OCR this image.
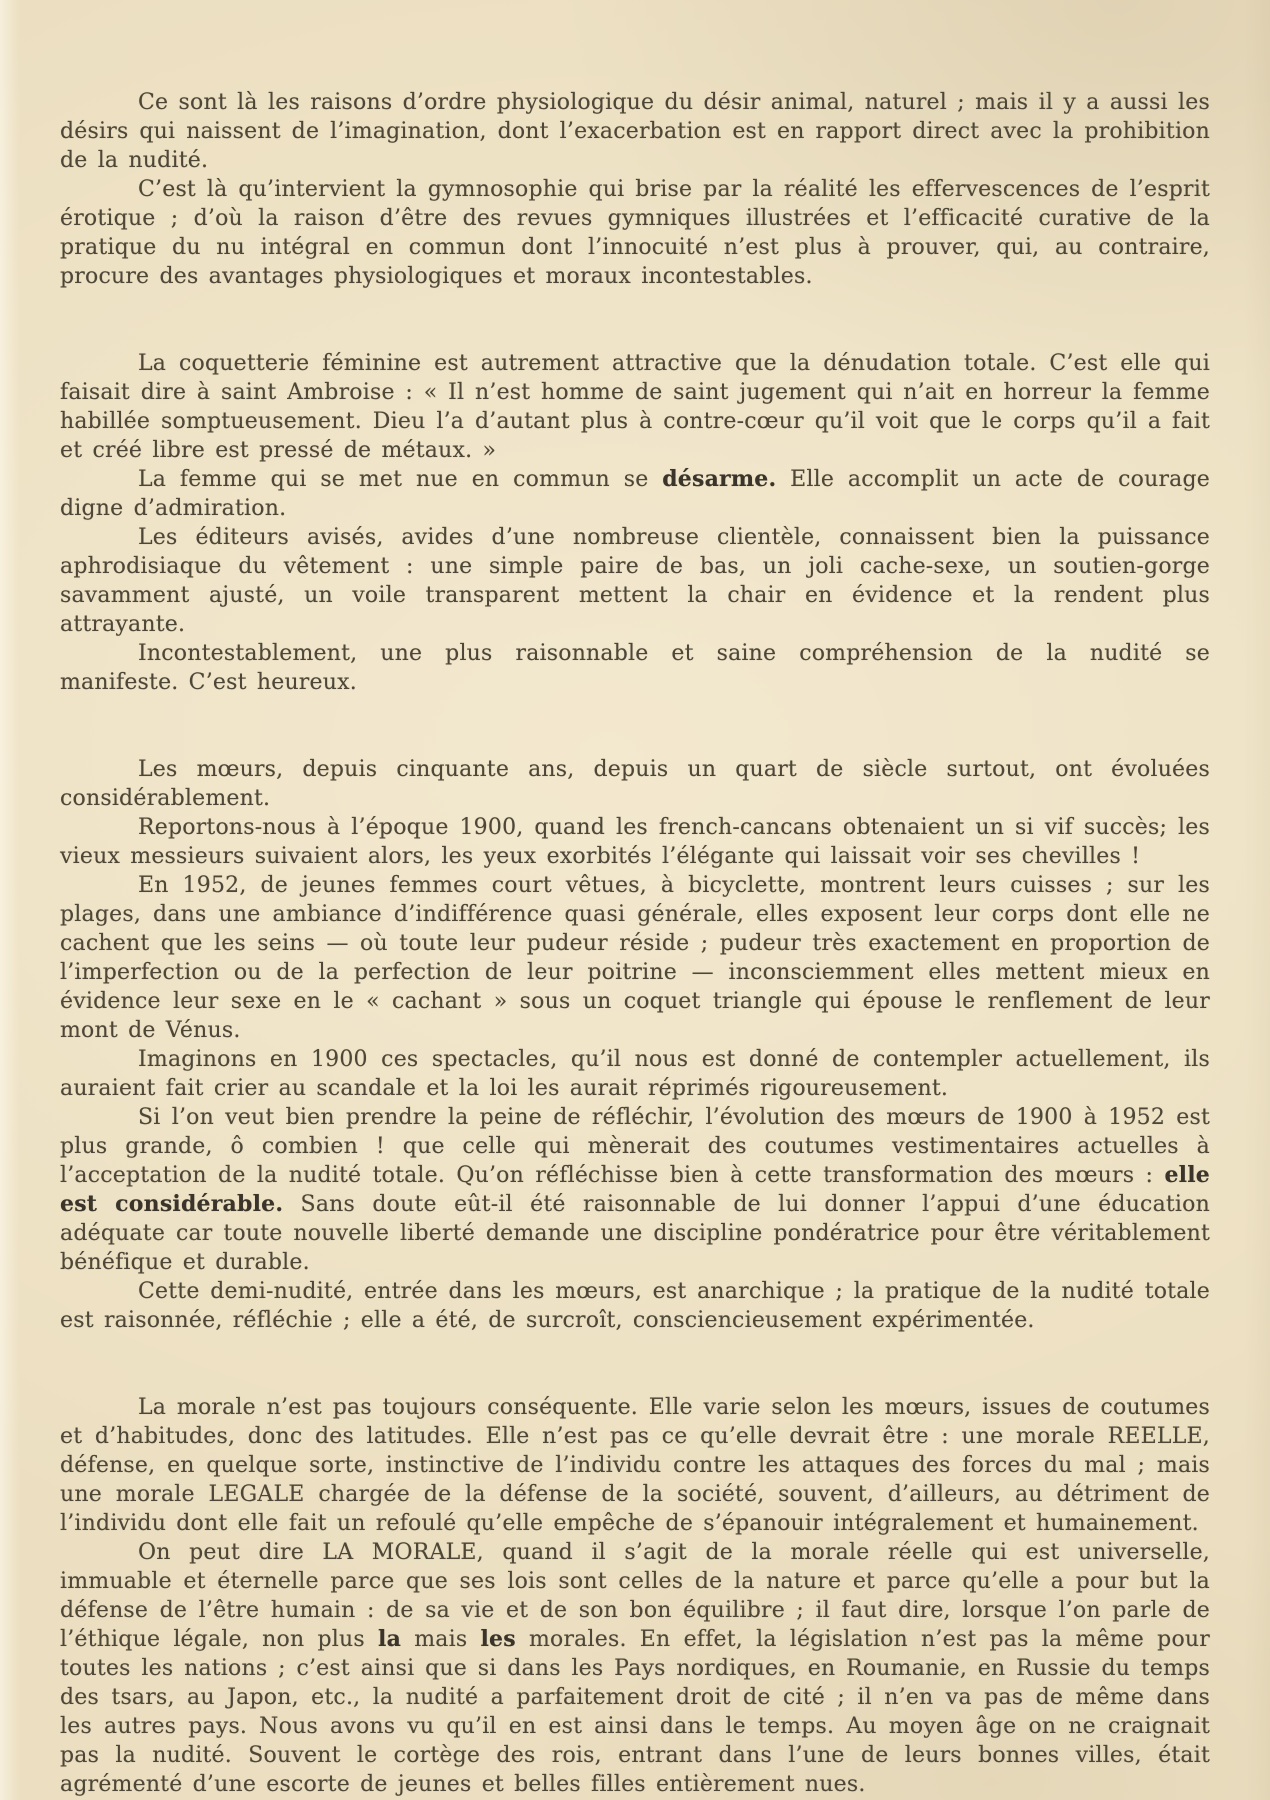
Ce sont là les raisons d’ordre physiologique du désir animal, naturel ; mais il y a aussi les désirs qui naissent de l’imagination, dont l’exacerbation est en rapport direct avec la prohibition de la nudité.

C’est là qu’intervient la gymnosophie qui brise par la réalité les effervescences de l’esprit érotique ; d’où la raison d’être des revues gymniques illustrées et l’efficacité curative de la pratique du nu intégral en commun dont l’innocuité n’est plus à prouver, qui, au contraire, procure des avantages physiologiques et moraux incontestables.

La coquetterie féminine est autrement attractive que la dénudation totale. C’est elle qui faisait dire à saint Ambroise : « Il n’est homme de saint jugement qui n’ait en horreur la femme habillée somptueusement. Dieu l’a d’autant plus à contre-cœur qu’il voit que le corps qu’il a fait et créé libre est pressé de métaux. »

La femme qui se met nue en commun se désarme. Elle accomplit un acte de courage digne d’admiration.

Les éditeurs avisés, avides d’une nombreuse clientèle, connaissent bien la puissance aphrodisiaque du vêtement : une simple paire de bas, un joli cache-sexe, un soutien-gorge savamment ajusté, un voile transparent mettent la chair en évidence et la rendent plus attrayante.

Incontestablement, une plus raisonnable et saine compréhension de la nudité se manifeste. C’est heureux.

Les mœurs, depuis cinquante ans, depuis un quart de siècle surtout, ont évoluées considérablement.

Reportons-nous à l’époque 1900, quand les french-cancans obtenaient un si vif succès; les vieux messieurs suivaient alors, les yeux exorbités l’élégante qui laissait voir ses chevilles !

En 1952, de jeunes femmes court vêtues, à bicyclette, montrent leurs cuisses ; sur les plages, dans une ambiance d’indifférence quasi générale, elles exposent leur corps dont elle ne cachent que les seins — où toute leur pudeur réside ; pudeur très exactement en proportion de l’imperfection ou de la perfection de leur poitrine — inconsciemment elles mettent mieux en évidence leur sexe en le « cachant » sous un coquet triangle qui épouse le renflement de leur mont de Vénus.

Imaginons en 1900 ces spectacles, qu’il nous est donné de contempler actuellement, ils auraient fait crier au scandale et la loi les aurait réprimés rigoureusement.

Si l’on veut bien prendre la peine de réfléchir, l’évolution des mœurs de 1900 à 1952 est plus grande, ô combien ! que celle qui mènerait des coutumes vestimentaires actuelles à l’acceptation de la nudité totale. Qu’on réfléchisse bien à cette transformation des mœurs : elle est considérable. Sans doute eût-il été raisonnable de lui donner l’appui d’une éducation adéquate car toute nouvelle liberté demande une discipline pondératrice pour être véritablement bénéfique et durable.

Cette demi-nudité, entrée dans les mœurs, est anarchique ; la pratique de la nudité totale est raisonnée, réfléchie ; elle a été, de surcroît, consciencieusement expérimentée.

La morale n’est pas toujours conséquente. Elle varie selon les mœurs, issues de coutumes et d’habitudes, donc des latitudes. Elle n’est pas ce qu’elle devrait être : une morale REELLE, défense, en quelque sorte, instinctive de l’individu contre les attaques des forces du mal ; mais une morale LEGALE chargée de la défense de la société, souvent, d’ailleurs, au détriment de l’individu dont elle fait un refoulé qu’elle empêche de s’épanouir intégralement et humainement.

On peut dire LA MORALE, quand il s’agit de la morale réelle qui est universelle, immuable et éternelle parce que ses lois sont celles de la nature et parce qu’elle a pour but la défense de l’être humain : de sa vie et de son bon équilibre ; il faut dire, lorsque l’on parle de l’éthique légale, non plus la mais les morales. En effet, la législation n’est pas la même pour toutes les nations ; c’est ainsi que si dans les Pays nordiques, en Roumanie, en Russie du temps des tsars, au Japon, etc., la nudité a parfaitement droit de cité ; il n’en va pas de même dans les autres pays. Nous avons vu qu’il en est ainsi dans le temps. Au moyen âge on ne craignait pas la nudité. Souvent le cortège des rois, entrant dans l’une de leurs bonnes villes, était agrémenté d’une escorte de jeunes et belles filles entièrement nues.
